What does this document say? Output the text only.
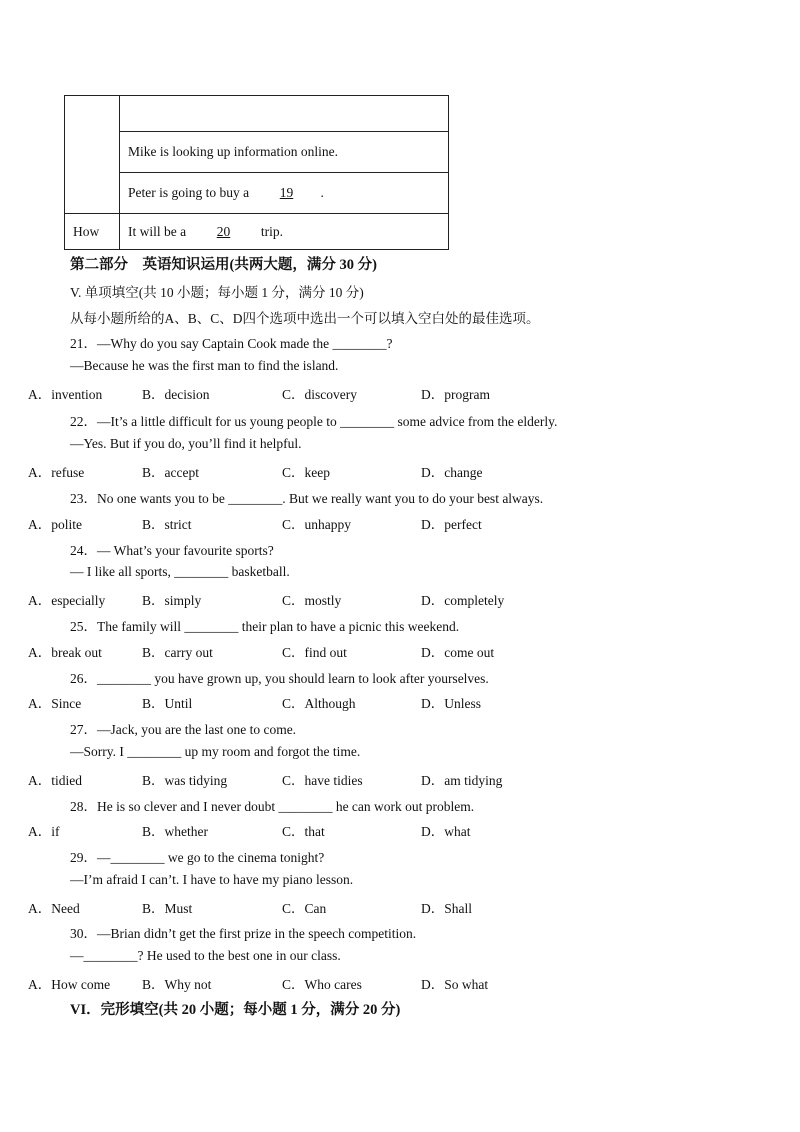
	Mike is looking up information online.
	Peter is going to buy a 19 .
How	It will be a 20 trip.
第二部分　英语知识运用(共两大题，满分 30 分)
V. 单项填空(共 10 小题；每小题 1 分，满分 10 分)
从每小题所给的A、B、C、D四个选项中选出一个可以填入空白处的最佳选项。
21．—Why do you say Captain Cook made the ________?
—Because he was the first man to find the island.
A．invention	B．decision	C．discovery	D．program
22．—It’s a little difficult for us young people to ________ some advice from the elderly.
—Yes. But if you do, you’ll find it helpful.
A．refuse	B．accept	C．keep	D．change
23．No one wants you to be ________. But we really want you to do your best always.
A．polite	B．strict	C．unhappy	D．perfect
24．— What’s your favourite sports?
— I like all sports, ________ basketball.
A．especially	B．simply	C．mostly	D．completely
25．The family will ________ their plan to have a picnic this weekend.
A．break out	B．carry out	C．find out	D．come out
26．________ you have grown up, you should learn to look after yourselves.
A．Since	B．Until	C．Although	D．Unless
27．—Jack, you are the last one to come.
—Sorry. I ________ up my room and forgot the time.
A．tidied	B．was tidying	C．have tidies	D．am tidying
28．He is so clever and I never doubt ________ he can work out problem.
A．if	B．whether	C．that	D．what
29．—________ we go to the cinema tonight?
—I’m afraid I can’t. I have to have my piano lesson.
A．Need	B．Must	C．Can	D．Shall
30．—Brian didn’t get the first prize in the speech competition.
—________? He used to the best one in our class.
A．How come B．Why not	C．Who cares	D．So what
VI．完形填空(共 20 小题；每小题 1 分，满分 20 分)
